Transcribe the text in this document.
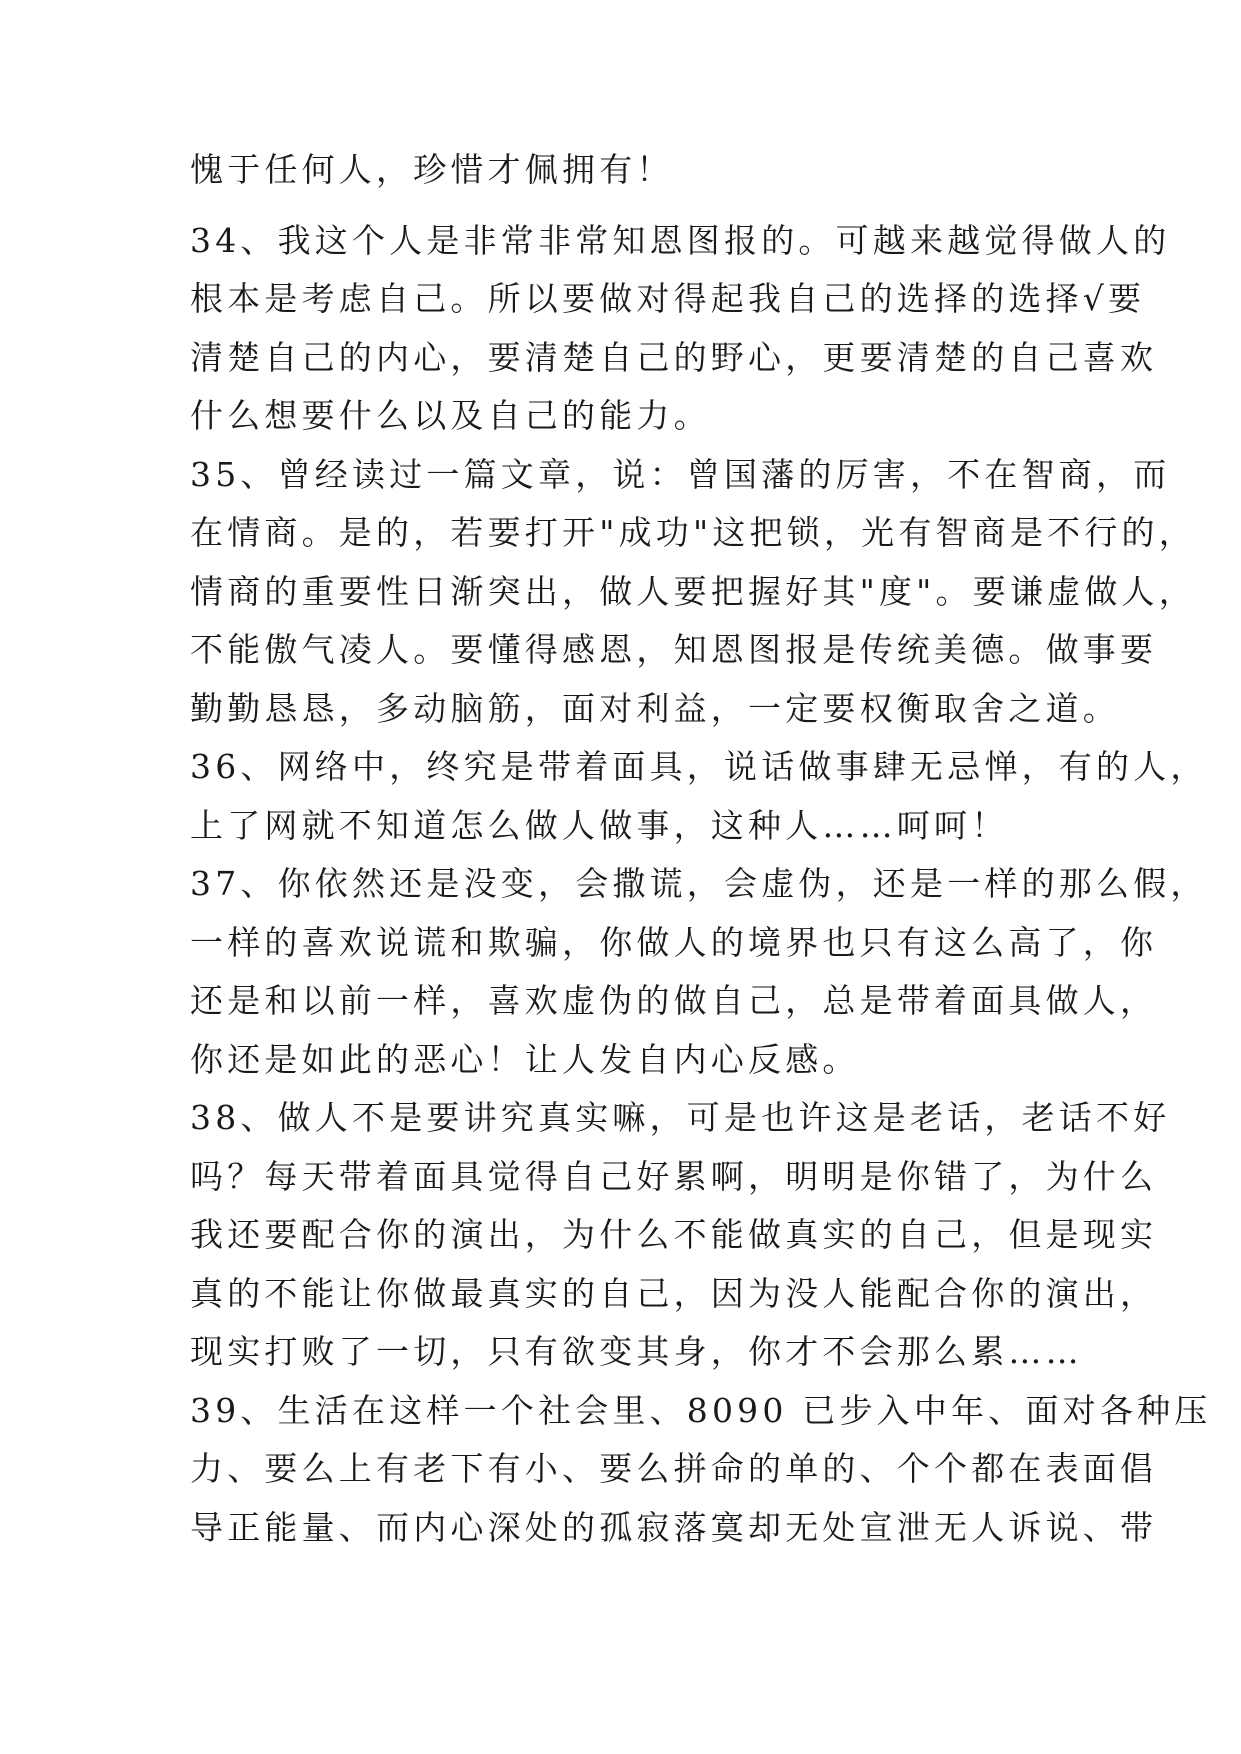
愧于任何人，珍惜才佩拥有！
34、我这个人是非常非常知恩图报的。可越来越觉得做人的
根本是考虑自己。所以要做对得起我自己的选择的选择√要
清楚自己的内心，要清楚自己的野心，更要清楚的自己喜欢
什么想要什么以及自己的能力。
35、曾经读过一篇文章，说：曾国藩的厉害，不在智商，而
在情商。是的，若要打开"成功"这把锁，光有智商是不行的，
情商的重要性日渐突出，做人要把握好其"度"。要谦虚做人，
不能傲气凌人。要懂得感恩，知恩图报是传统美德。做事要
勤勤恳恳，多动脑筋，面对利益，一定要权衡取舍之道。
36、网络中，终究是带着面具，说话做事肆无忌惮，有的人，
上了网就不知道怎么做人做事，这种人……呵呵！
37、你依然还是没变，会撒谎，会虚伪，还是一样的那么假，
一样的喜欢说谎和欺骗，你做人的境界也只有这么高了，你
还是和以前一样，喜欢虚伪的做自己，总是带着面具做人，
你还是如此的恶心！让人发自内心反感。
38、做人不是要讲究真实嘛，可是也许这是老话，老话不好
吗？每天带着面具觉得自己好累啊，明明是你错了，为什么
我还要配合你的演出，为什么不能做真实的自己，但是现实
真的不能让你做最真实的自己，因为没人能配合你的演出，
现实打败了一切，只有欲变其身，你才不会那么累……
39、生活在这样一个社会里、8090 已步入中年、面对各种压
力、要么上有老下有小、要么拼命的单的、个个都在表面倡
导正能量、而内心深处的孤寂落寞却无处宣泄无人诉说、带
